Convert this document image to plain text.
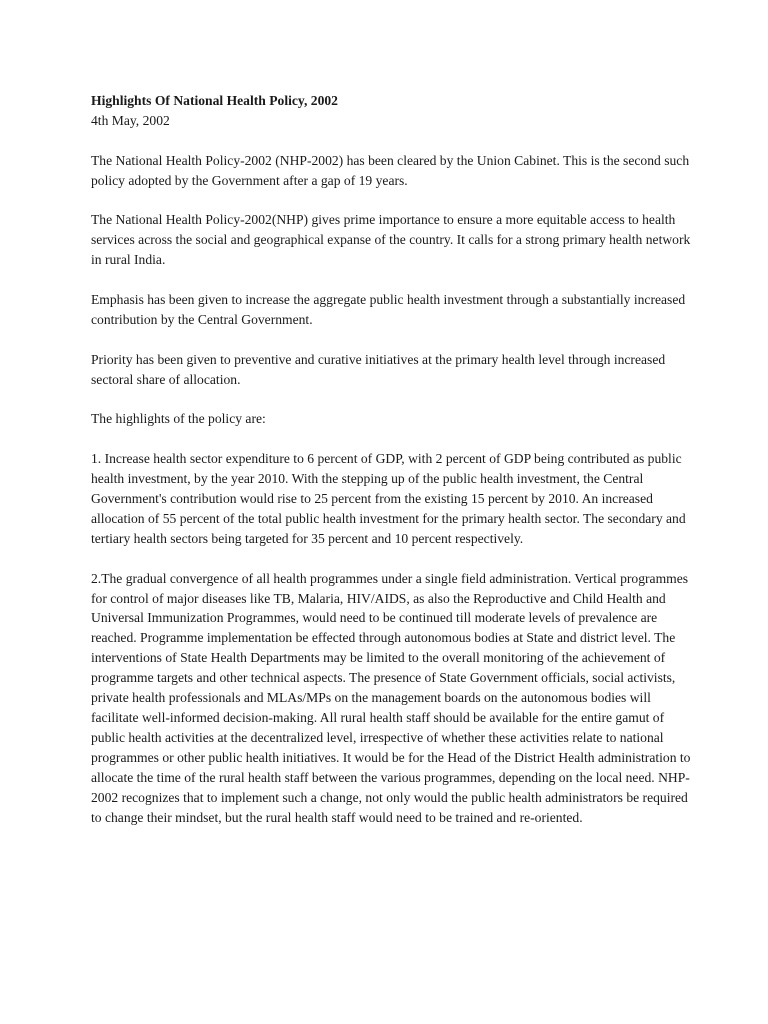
Highlights Of National Health Policy, 2002

4th May, 2002

The National Health Policy-2002 (NHP-2002) has been cleared by the Union Cabinet. This is the second such policy adopted by the Government after a gap of 19 years.

The National Health Policy-2002(NHP) gives prime importance to ensure a more equitable access to health services across the social and geographical expanse of the country. It calls for a strong primary health network in rural India.

Emphasis has been given to increase the aggregate public health investment through a substantially increased contribution by the Central Government.

Priority has been given to preventive and curative initiatives at the primary health level through increased sectoral share of allocation.

The highlights of the policy are:

1. Increase health sector expenditure to 6 percent of GDP, with 2 percent of GDP being contributed as public health investment, by the year 2010. With the stepping up of the public health investment, the Central Government's contribution would rise to 25 percent from the existing 15 percent by 2010. An increased allocation of 55 percent of the total public health investment for the primary health sector. The secondary and tertiary health sectors being targeted for 35 percent and 10 percent respectively.

2.The gradual convergence of all health programmes under a single field administration. Vertical programmes for control of major diseases like TB, Malaria, HIV/AIDS, as also the Reproductive and Child Health and Universal Immunization Programmes, would need to be continued till moderate levels of prevalence are reached. Programme implementation be effected through autonomous bodies at State and district level. The interventions of State Health Departments may be limited to the overall monitoring of the achievement of programme targets and other technical aspects. The presence of State Government officials, social activists, private health professionals and MLAs/MPs on the management boards on the autonomous bodies will facilitate well-informed decision-making. All rural health staff should be available for the entire gamut of public health activities at the decentralized level, irrespective of whether these activities relate to national programmes or other public health initiatives. It would be for the Head of the District Health administration to allocate the time of the rural health staff between the various programmes, depending on the local need. NHP-2002 recognizes that to implement such a change, not only would the public health administrators be required to change their mindset, but the rural health staff would need to be trained and re-oriented.
